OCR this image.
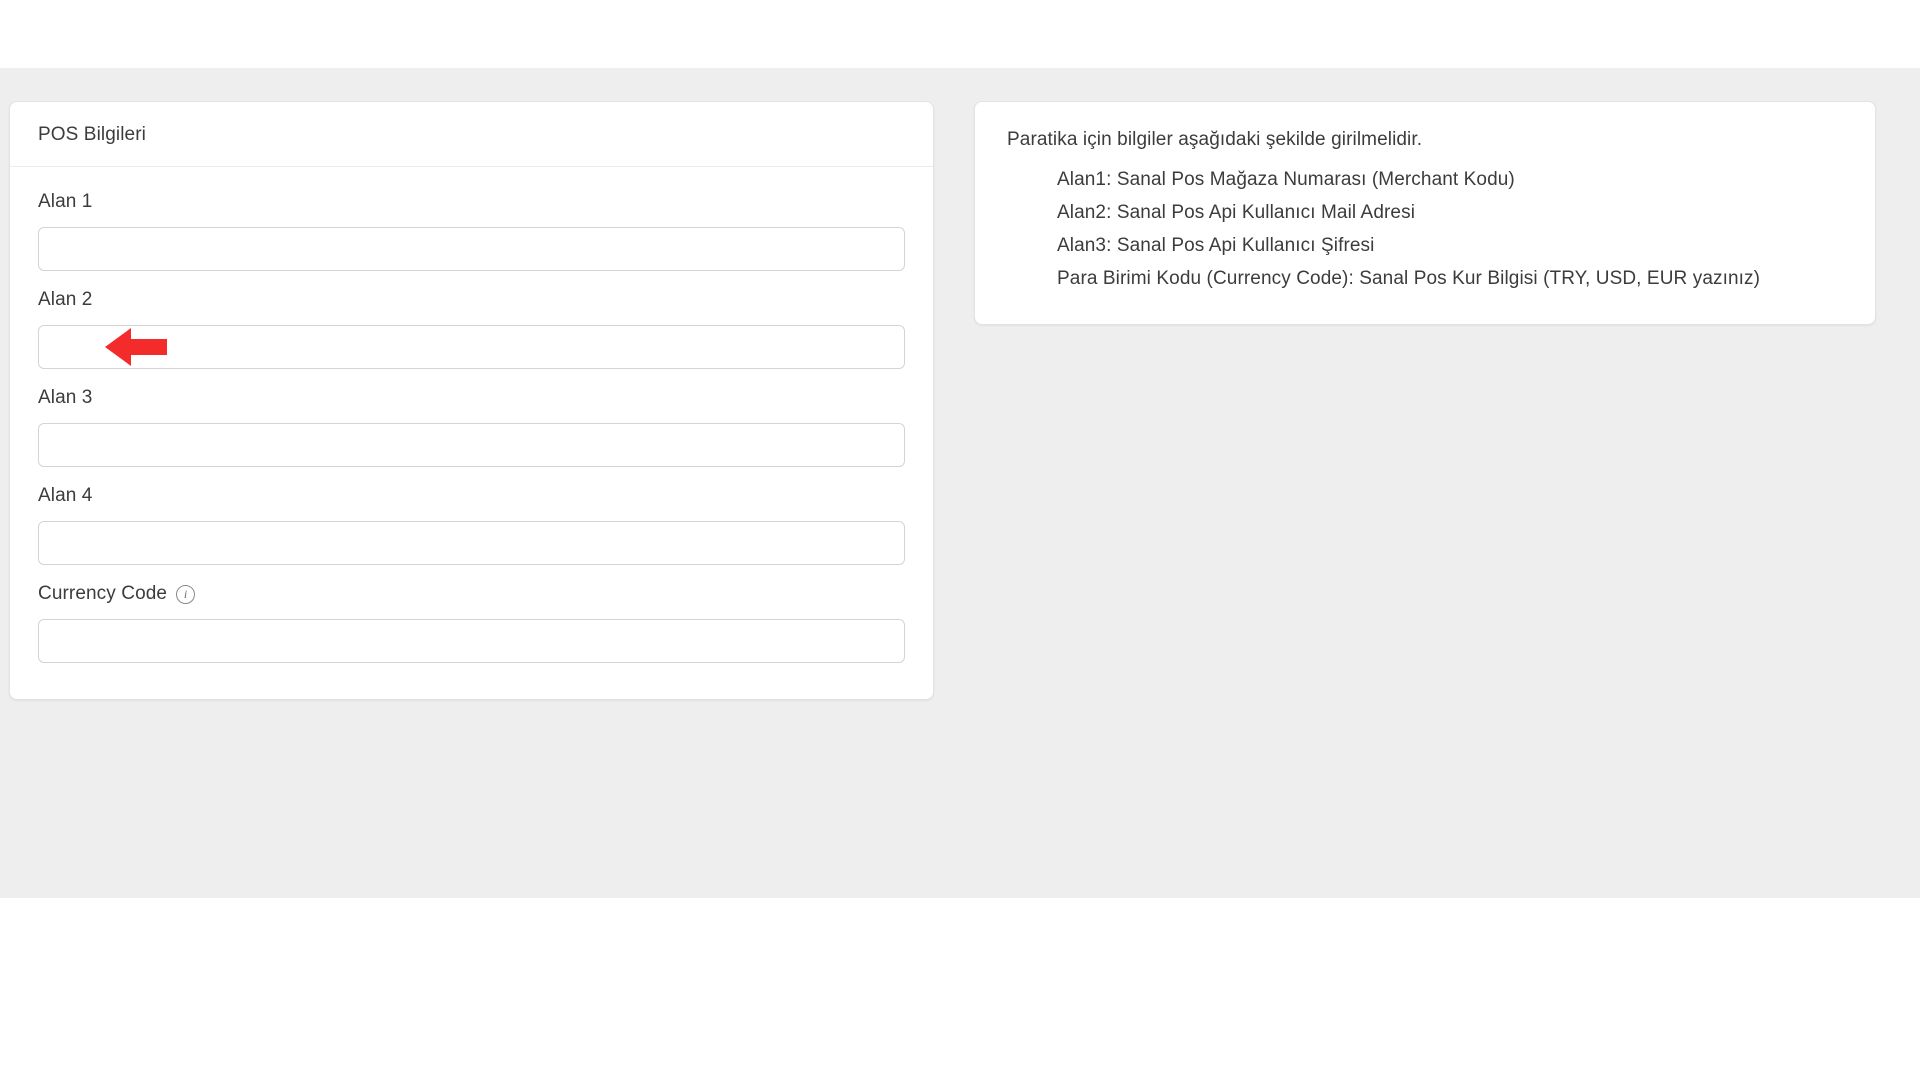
POS Bilgileri
Alan 1
Alan 2
Alan 3
Alan 4
Currency Code	i

Paratika için bilgiler aşağıdaki şekilde girilmelidir.

Alan1: Sanal Pos Mağaza Numarası (Merchant Kodu)
Alan2: Sanal Pos Api Kullanıcı Mail Adresi
Alan3: Sanal Pos Api Kullanıcı Şifresi
Para Birimi Kodu (Currency Code): Sanal Pos Kur Bilgisi (TRY, USD, EUR yazınız)
